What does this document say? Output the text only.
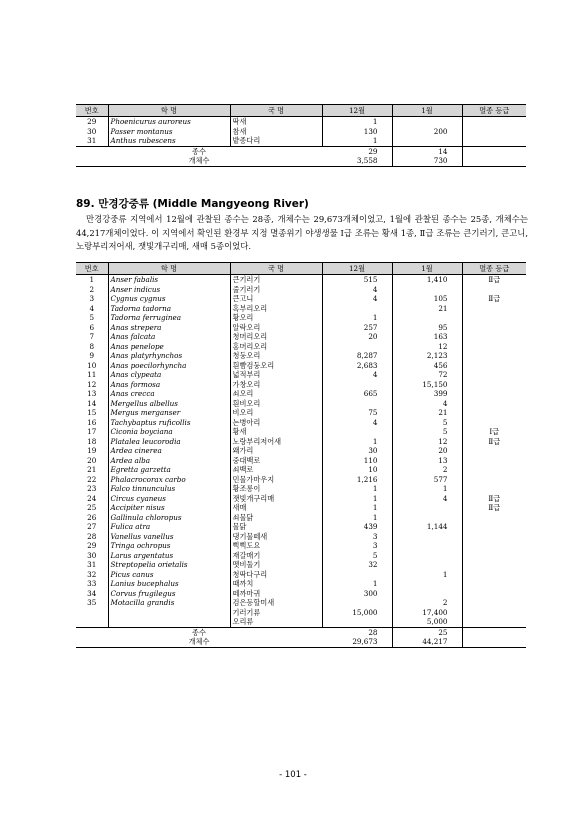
번호	학 명	국 명	12월	1월	멸종 등급
29	Phoenicurus auroreus	딱새	1		
30	Passer montanus	참새	130	200	
31	Anthus rubescens	밭종다리	1		
종수			29	14	
개체수			3,558	730	
89. 만경강중류 (Middle Mangyeong River)
만경강중류 지역에서 12월에 관찰된 종수는 28종, 개체수는 29,673개체이었고, 1월에 관찰된 종수는 25종, 개체수는 44,217개체이었다. 이 지역에서 확인된 환경부 지정 멸종위기 야생생물 Ⅰ급 조류는 황새 1종, Ⅱ급 조류는 큰기러기, 큰고니, 노랑부리저어새, 잿빛개구리매, 새매 5종이었다.
번호	학 명	국 명	12월	1월	멸종 등급
1	Anser fabalis	큰기러기	515	1,410	Ⅱ급
2	Anser indicus	줄기러기	4		
3	Cygnus cygnus	큰고니	4	105	Ⅱ급
4	Tadorna tadorna	혹부리오리		21	
5	Tadorna ferruginea	황오리	1		
6	Anas strepera	알락오리	257	95	
7	Anas falcata	청머리오리	20	163	
8	Anas penelope	홍머리오리		12	
9	Anas platyrhynchos	청둥오리	8,287	2,123	
10	Anas poecilorhyncha	흰뺨검둥오리	2,683	456	
11	Anas clypeata	넓적부리	4	72	
12	Anas formosa	가창오리		15,150	
13	Anas crecca	쇠오리	665	399	
14	Mergellus albellus	흰비오리		4	
15	Mergus merganser	비오리	75	21	
16	Tachybaptus ruficollis	논병아리	4	5	
17	Ciconia boyciana	황새		5	Ⅰ급
18	Platalea leucorodia	노랑부리저어새	1	12	Ⅱ급
19	Ardea cinerea	왜가리	30	20	
20	Ardea alba	중대백로	110	13	
21	Egretta garzetta	쇠백로	10	2	
22	Phalacrocorax carbo	민물가마우지	1,216	577	
23	Falco tinnunculus	황조롱이	1	1	
24	Circus cyaneus	잿빛개구리매	1	4	Ⅱ급
25	Accipiter nisus	새매	1		Ⅱ급
26	Gallinula chloropus	쇠물닭	1		
27	Fulica atra	물닭	439	1,144	
28	Vanellus vanellus	댕기물떼새	3		
29	Tringa ochropus	삑삑도요	3		
30	Larus argentatus	재갈매기	5		
31	Streptopelia orietalis	멧비둘기	32		
32	Picus canus	청딱다구리		1	
33	Lanius bucephalus	때까치	1		
34	Corvus frugilegus	떼까마귀	300		
35	Motacilla grandis	검은등할미새		2	
		기러기류	15,000	17,400	
		오리류		5,000	
종수			28	25	
개체수			29,673	44,217	
- 101 -
